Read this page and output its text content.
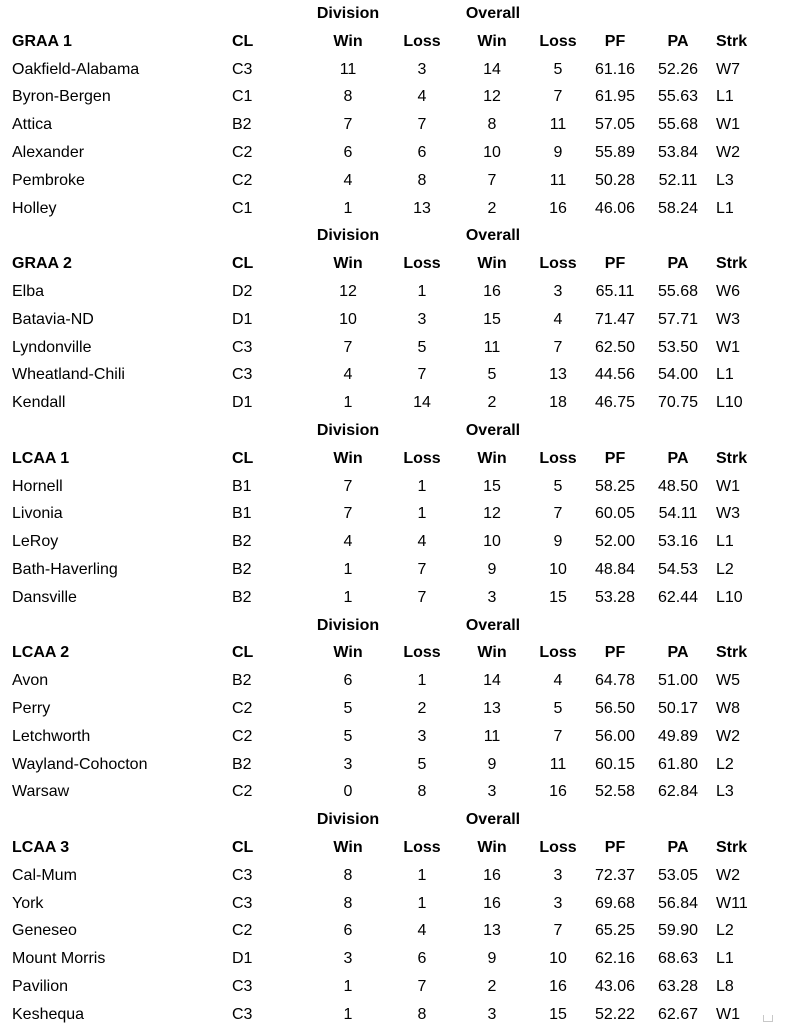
Division	Overall
GRAA 1	CL	Win	Loss	Win	Loss	PF	PA	Strk
Oakfield-Alabama	C3	11	3	14	5	61.16	52.26	W7
Byron-Bergen	C1	8	4	12	7	61.95	55.63	L1
Attica	B2	7	7	8	11	57.05	55.68	W1
Alexander	C2	6	6	10	9	55.89	53.84	W2
Pembroke	C2	4	8	7	11	50.28	52.11	L3
Holley	C1	1	13	2	16	46.06	58.24	L1
Division	Overall
GRAA 2	CL	Win	Loss	Win	Loss	PF	PA	Strk
Elba	D2	12	1	16	3	65.11	55.68	W6
Batavia-ND	D1	10	3	15	4	71.47	57.71	W3
Lyndonville	C3	7	5	11	7	62.50	53.50	W1
Wheatland-Chili	C3	4	7	5	13	44.56	54.00	L1
Kendall	D1	1	14	2	18	46.75	70.75	L10
Division	Overall
LCAA 1	CL	Win	Loss	Win	Loss	PF	PA	Strk
Hornell	B1	7	1	15	5	58.25	48.50	W1
Livonia	B1	7	1	12	7	60.05	54.11	W3
LeRoy	B2	4	4	10	9	52.00	53.16	L1
Bath-Haverling	B2	1	7	9	10	48.84	54.53	L2
Dansville	B2	1	7	3	15	53.28	62.44	L10
Division	Overall
LCAA 2	CL	Win	Loss	Win	Loss	PF	PA	Strk
Avon	B2	6	1	14	4	64.78	51.00	W5
Perry	C2	5	2	13	5	56.50	50.17	W8
Letchworth	C2	5	3	11	7	56.00	49.89	W2
Wayland-Cohocton	B2	3	5	9	11	60.15	61.80	L2
Warsaw	C2	0	8	3	16	52.58	62.84	L3
Division	Overall
LCAA 3	CL	Win	Loss	Win	Loss	PF	PA	Strk
Cal-Mum	C3	8	1	16	3	72.37	53.05	W2
York	C3	8	1	16	3	69.68	56.84	W11
Geneseo	C2	6	4	13	7	65.25	59.90	L2
Mount Morris	D1	3	6	9	10	62.16	68.63	L1
Pavilion	C3	1	7	2	16	43.06	63.28	L8
Keshequa	C3	1	8	3	15	52.22	62.67	W1
